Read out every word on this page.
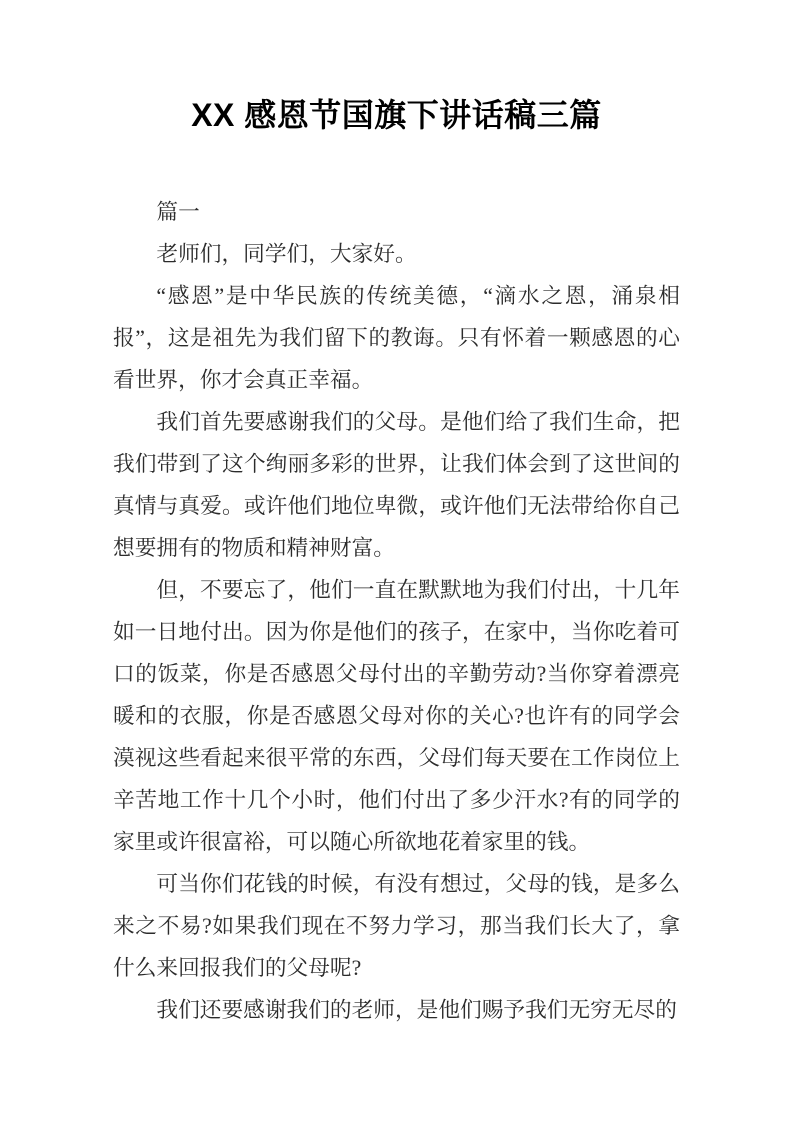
XX 感恩节国旗下讲话稿三篇

篇一

老师们，同学们，大家好。

“感恩”是中华民族的传统美德，“滴水之恩，涌泉相报”，这是祖先为我们留下的教诲。只有怀着一颗感恩的心看世界，你才会真正幸福。

我们首先要感谢我们的父母。是他们给了我们生命，把我们带到了这个绚丽多彩的世界，让我们体会到了这世间的真情与真爱。或许他们地位卑微，或许他们无法带给你自己想要拥有的物质和精神财富。

但，不要忘了，他们一直在默默地为我们付出，十几年如一日地付出。因为你是他们的孩子，在家中，当你吃着可口的饭菜，你是否感恩父母付出的辛勤劳动?当你穿着漂亮暖和的衣服，你是否感恩父母对你的关心?也许有的同学会漠视这些看起来很平常的东西，父母们每天要在工作岗位上辛苦地工作十几个小时，他们付出了多少汗水?有的同学的家里或许很富裕，可以随心所欲地花着家里的钱。

可当你们花钱的时候，有没有想过，父母的钱，是多么来之不易?如果我们现在不努力学习，那当我们长大了，拿什么来回报我们的父母呢?

我们还要感谢我们的老师，是他们赐予我们无穷无尽的
